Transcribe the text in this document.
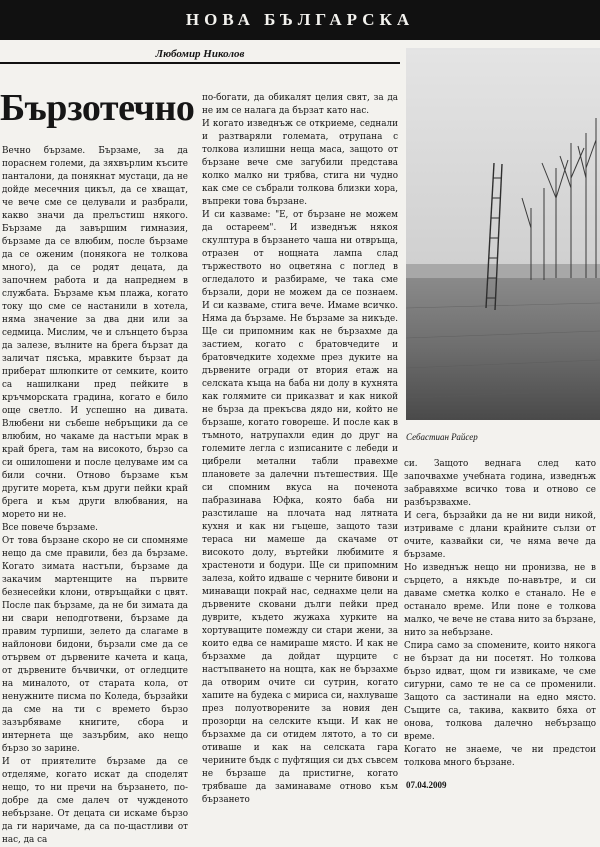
НОВА БЪЛГАРСКА
Любомир Николов
Бързотечно

Вечно бързаме. Бързаме, за да пораснем големи, да зяхвърлим късите панталони, да понякнат мустаци, да не дойде месечния цикъл, да се хващат, че вече сме се целували и разбрали, какво значи да прелъстиш някого. Бързаме да завършим гимназия, бързаме да се влюбим, после бързаме да се оженим (понякога не толкова много), да се родят децата, да започнем работа и да напреднем в службата. Бързаме към плажа, когато току що сме се настанили в хотела, няма значение за два дни или за седмица. Мислим, че и слънцето бърза да залезе, вълните на брега бързат да заличат пясъка, мравките бързат да приберат шлюпките от семките, които са нашилкани пред пейките в кръчморската градина, когато е било още светло. И успешно на дивата. Влюбени ни събеше небръщики да се влюбим, но чакаме да настъпи мрак в край брега, там на високото, бързо са си ошилошени и после целуваме им са били сочни. Отново бързаме към другите морета, към други пейки край брега и към други влюбвания, на морето ни не.

Все повече бързаме.

От това бързане скоро не си спомняме нещо да сме правили, без да бързаме. Когато зимата настъпи, бързаме да закачим мартенщите на първите безнесейки клони, отвръщайки с цвят. После пак бързаме, да не би зимата да ни свари неподготвени, бързаме да правим турпиши, зелето да слагаме в найлонови бидони, бързали сме да се отървем от дървените качета и каца, от дървените бъчвички, от огледците на миналото, от старата кола, от ненужните писма по Коледа, бързайки да сме на ти с времето бързо зазърбяваме книгите, сбора и интернета ще зазърбим, ако нещо бързо зо зарине.

И от приятелите бързаме да се отделяме, когато искат да споделят нещо, то ни пречи на бързането, по-добре да сме далеч от чужденото небързане. От децата си искаме бързо да ги наричаме, да са по-щастливи от нас, да са

по-богати, да обикалят целия свят, за да не им се налага да бързат като нас.

И когато изведнъж се откриеме, седнали и разтваряли големата, отрупана с толкова излишни неща маса, защото от бързане вече сме загубили представа колко малко ни трябва, стига ни чудно как сме се събрали толкова близки хора, въпреки това бързане.

И си казваме: "Е, от бързане не можем да остареем". И изведнъж някоя скулптура в бързането чаша ни отвръща, отразен от нощната лампа слад тържеството но оцветяна с поглед в огледалото и разбираме, че така сме бързали, дори не можем да се познаем. И си казваме, стига вече. Имаме всичко. Няма да бързаме. Не бързаме за никъде. Ще си припомним как не бързахме да застием, когато с братовчедите и братовчедките ходехме през дуките на дървените огради от втория етаж на селската къща на баба ни долу в кухнята как голямите си приказват и как никой не бърза да прекъсва дядо ни, който не бързаше, когато говореше. И после как в тъмното, натрупахли един до друг на големите легла с изписаните с лебеди и цибрели метални табли правехме плановете за далечни пътешествия. Ще си спомним вкуса на поченота пабразинава Юфка, която баба ни разстилаше на плочата над лятната кухня и как ни гъцеше, защото тази тераса ни мамеше да скачаме от високото долу, въртейки любимите я храстеноти и бодури. Ще си припомним залеза, който идваше с черните бивони и минаващи покрай нас, седнахме цели на дървените сковани дълги пейки пред дуврите, където жужаха хурките на хортуващите помежду си стари жени, за които едва се намираше място. И как не бързахме да дойдат щурците с настъпването на нощта, как не бързахме да отворим очите си сутрин, когато хапите на будека с мириса си, нахлуваше през полуотворените за новия ден прозорци на селските къщи. И как не бързахме да си отидем лятото, а то си отиваше и как на селската гара черините бъдк с пуфтящия си дъх съвсем не бързаше да пристигне, когато трябваше да заминаваме отново към бързането

Себастиан Райсер

си. Защото веднага след като започвахме учебната година, изведнъж забравяхме всичко това и отново се разбързвахме.

И сега, бързайки да не ни види никой, изтриваме с длани крайните сълзи от очите, казвайки си, че няма вече да бързаме.

Но изведнъж нещо ни пронизва, не в сърцето, а някъде по-навътре, и си даваме сметка колко е станало. Не е останало време. Или поне е толкова малко, че вече не става нито за бързане, нито за небързане.

Спира само за спомените, които някога не бързат да ни посетят. Но толкова бързо идват, щом ги извикаме, че сме сигурни, само те не са се променили. Защото са застинали на едно място. Същите са, такива, каквито бяха от онова, толкова далечно небързащо време.

Когато не знаеме, че ни предстои толкова много бързане.

07.04.2009
